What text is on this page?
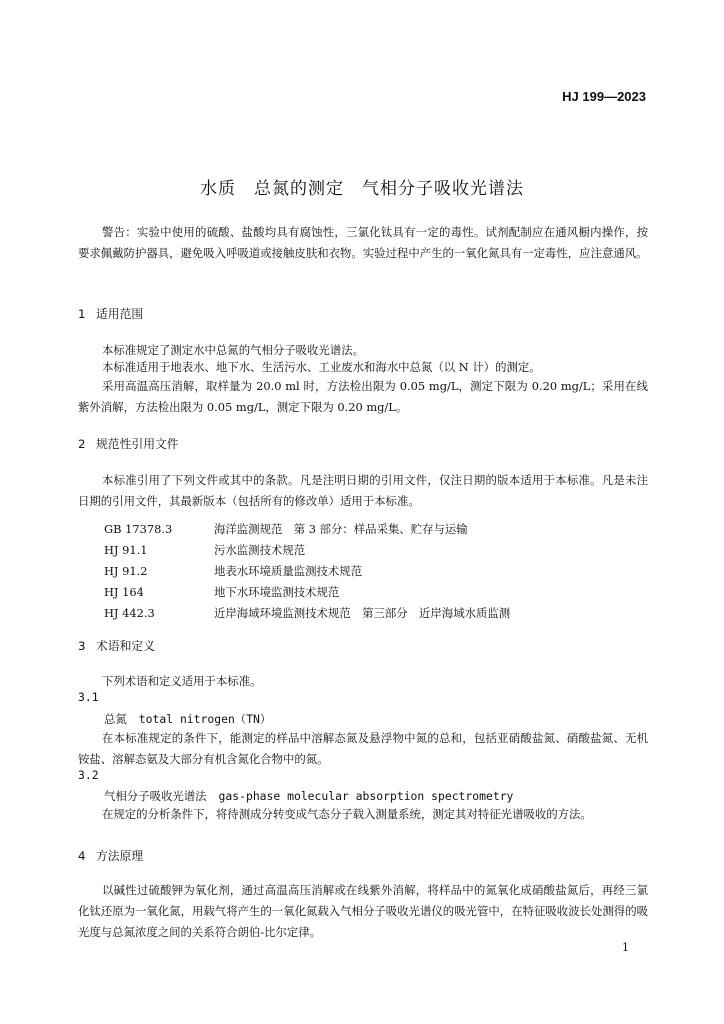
HJ 199—2023
水质　总氮的测定　气相分子吸收光谱法
警告：实验中使用的硫酸、盐酸均具有腐蚀性，三氯化钛具有一定的毒性。试剂配制应在通风橱内操作，按要求佩戴防护器具，避免吸入呼吸道或接触皮肤和衣物。实验过程中产生的一氧化氮具有一定毒性，应注意通风。
1 适用范围
本标准规定了测定水中总氮的气相分子吸收光谱法。
本标准适用于地表水、地下水、生活污水、工业废水和海水中总氮（以 N 计）的测定。
采用高温高压消解，取样量为 20.0 ml 时，方法检出限为 0.05 mg/L，测定下限为 0.20 mg/L；采用在线紫外消解，方法检出限为 0.05 mg/L，测定下限为 0.20 mg/L。
2 规范性引用文件
本标准引用了下列文件或其中的条款。凡是注明日期的引用文件，仅注日期的版本适用于本标准。凡是未注日期的引用文件，其最新版本（包括所有的修改单）适用于本标准。
GB 17378.3	海洋监测规范　第 3 部分：样品采集、贮存与运输
HJ 91.1	污水监测技术规范
HJ 91.2	地表水环境质量监测技术规范
HJ 164	地下水环境监测技术规范
HJ 442.3	近岸海域环境监测技术规范　第三部分　近岸海域水质监测
3 术语和定义
下列术语和定义适用于本标准。
3.1
总氮 total nitrogen（TN）
在本标准规定的条件下，能测定的样品中溶解态氮及悬浮物中氮的总和，包括亚硝酸盐氮、硝酸盐氮、无机铵盐、溶解态氨及大部分有机含氮化合物中的氮。
3.2
气相分子吸收光谱法 gas-phase molecular absorption spectrometry
在规定的分析条件下，将待测成分转变成气态分子载入测量系统，测定其对特征光谱吸收的方法。
4 方法原理
以碱性过硫酸钾为氧化剂，通过高温高压消解或在线紫外消解，将样品中的氮氧化成硝酸盐氮后，再经三氯化钛还原为一氧化氮，用载气将产生的一氧化氮载入气相分子吸收光谱仪的吸光管中，在特征吸收波长处测得的吸光度与总氮浓度之间的关系符合朗伯-比尔定律。
1
